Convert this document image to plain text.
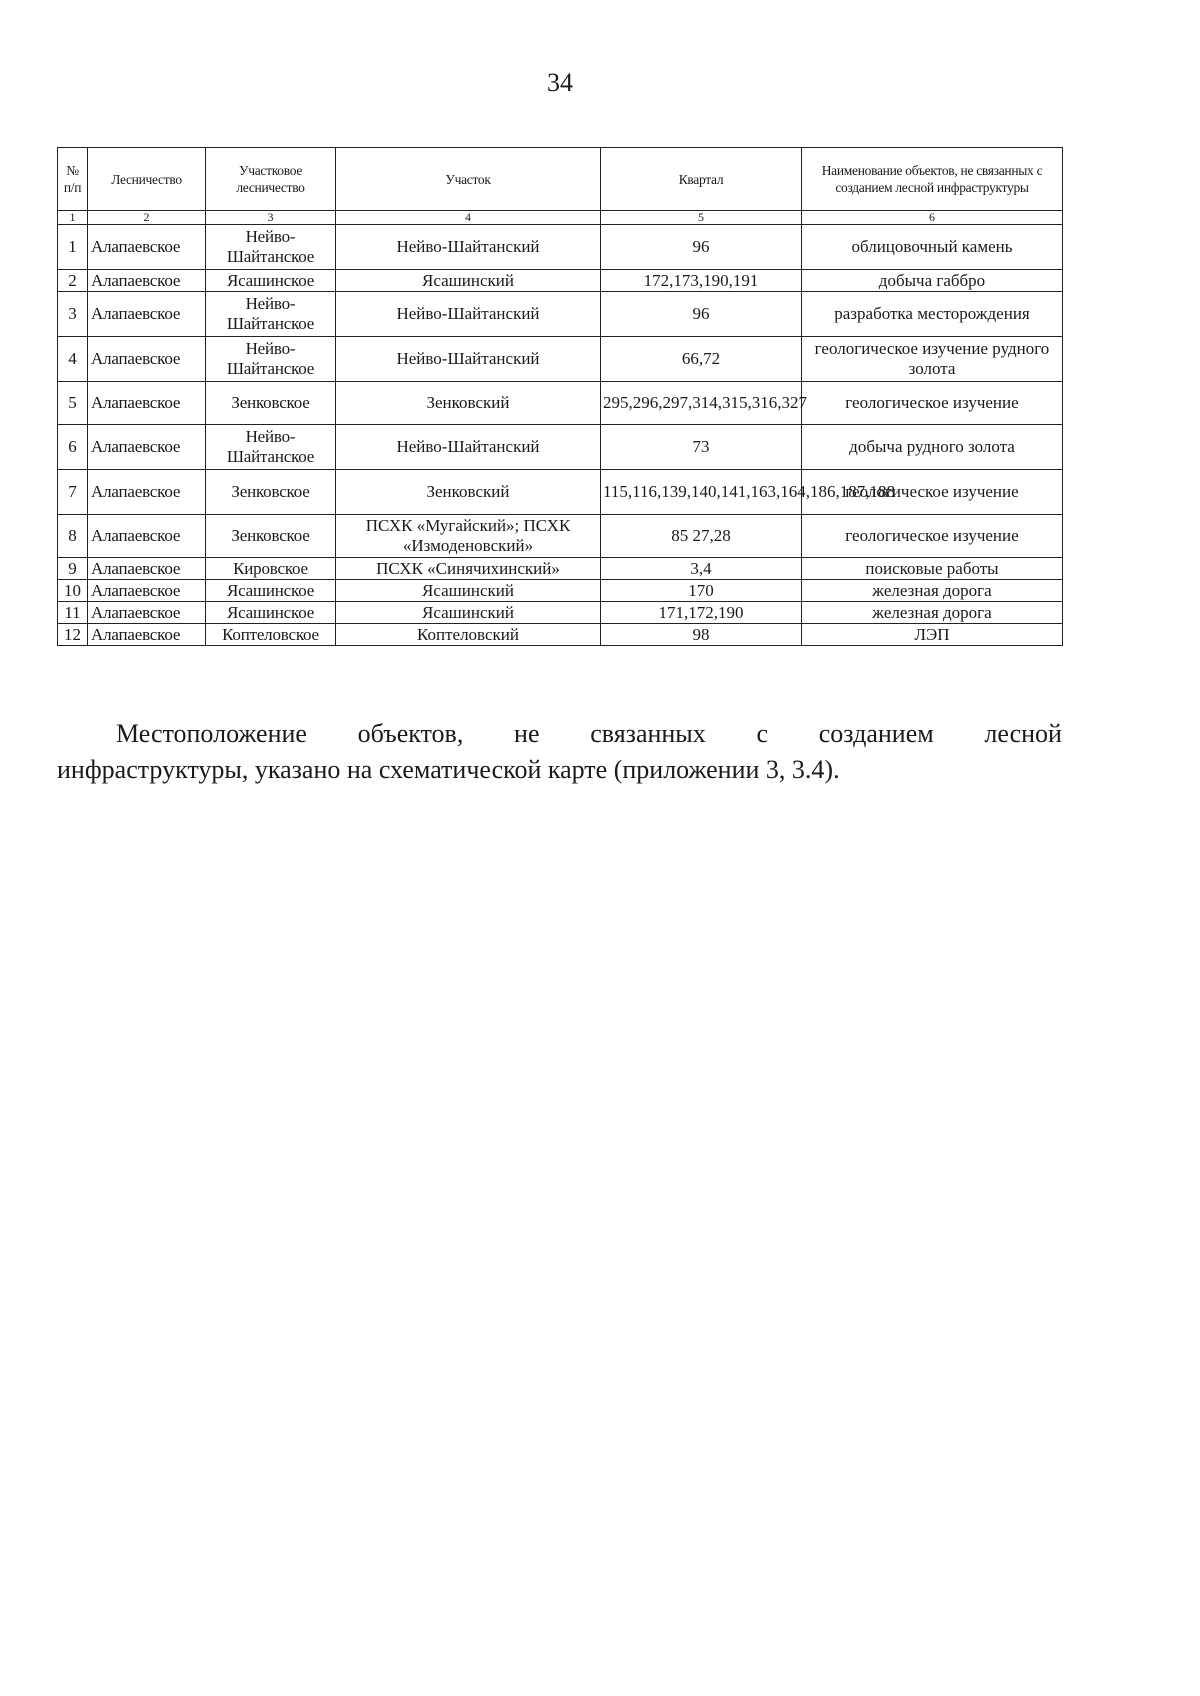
34
№ п/п	Лесничество	Участковое лесничество	Участок	Квартал	Наименование объектов, не связанных с созданием лесной инфраструктуры
1	2	3	4	5	6
1	Алапаевское	Нейво-Шайтанское	Нейво-Шайтанский	96	облицовочный камень
2	Алапаевское	Ясашинское	Ясашинский	172,173,190,191	добыча габбро
3	Алапаевское	Нейво-Шайтанское	Нейво-Шайтанский	96	разработка месторождения
4	Алапаевское	Нейво-Шайтанское	Нейво-Шайтанский	66,72	геологическое изучение рудного золота
5	Алапаевское	Зенковское	Зенковский	295,296,297,314,315,316,327	геологическое изучение
6	Алапаевское	Нейво-Шайтанское	Нейво-Шайтанский	73	добыча рудного золота
7	Алапаевское	Зенковское	Зенковский	115,116,139,140,141,163,164,186,187,188	геологическое изучение
8	Алапаевское	Зенковское	ПСХК «Мугайский»; ПСХК «Измоденовский»	85 27,28	геологическое изучение
9	Алапаевское	Кировское	ПСХК «Синячихинский»	3,4	поисковые работы
10	Алапаевское	Ясашинское	Ясашинский	170	железная дорога
11	Алапаевское	Ясашинское	Ясашинский	171,172,190	железная дорога
12	Алапаевское	Коптеловское	Коптеловский	98	ЛЭП
Местоположение объектов, не связанных с созданием лесной
инфраструктуры, указано на схематической карте (приложении 3, 3.4).
